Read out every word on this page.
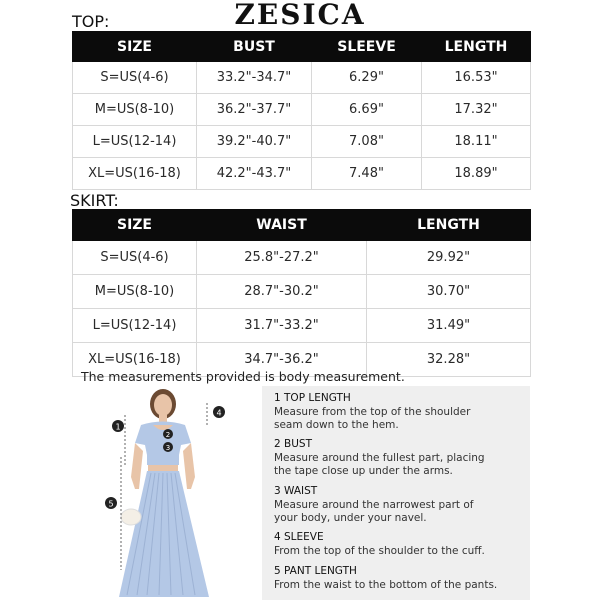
ZESICA
TOP:
SIZE	BUST	SLEEVE	LENGTH
S=US(4-6)	33.2"-34.7"	6.29"	16.53"
M=US(8-10)	36.2"-37.7"	6.69"	17.32"
L=US(12-14)	39.2"-40.7"	7.08"	18.11"
XL=US(16-18)	42.2"-43.7"	7.48"	18.89"
SKIRT:
SIZE	WAIST	LENGTH
S=US(4-6)	25.8"-27.2"	29.92"
M=US(8-10)	28.7"-30.2"	30.70"
L=US(12-14)	31.7"-33.2"	31.49"
XL=US(16-18)	34.7"-36.2"	32.28"
The measurements provided is body measurement.
1
2
3
4
5
1 TOP LENGTH
Measure from the top of the shoulder
seam down to the hem.
2 BUST
Measure around the fullest part, placing
the tape close up under the arms.
3 WAIST
Measure around the narrowest part of
your body, under your navel.
4 SLEEVE
From the top of the shoulder to the cuff.
5 PANT LENGTH
From the waist to the bottom of the pants.
